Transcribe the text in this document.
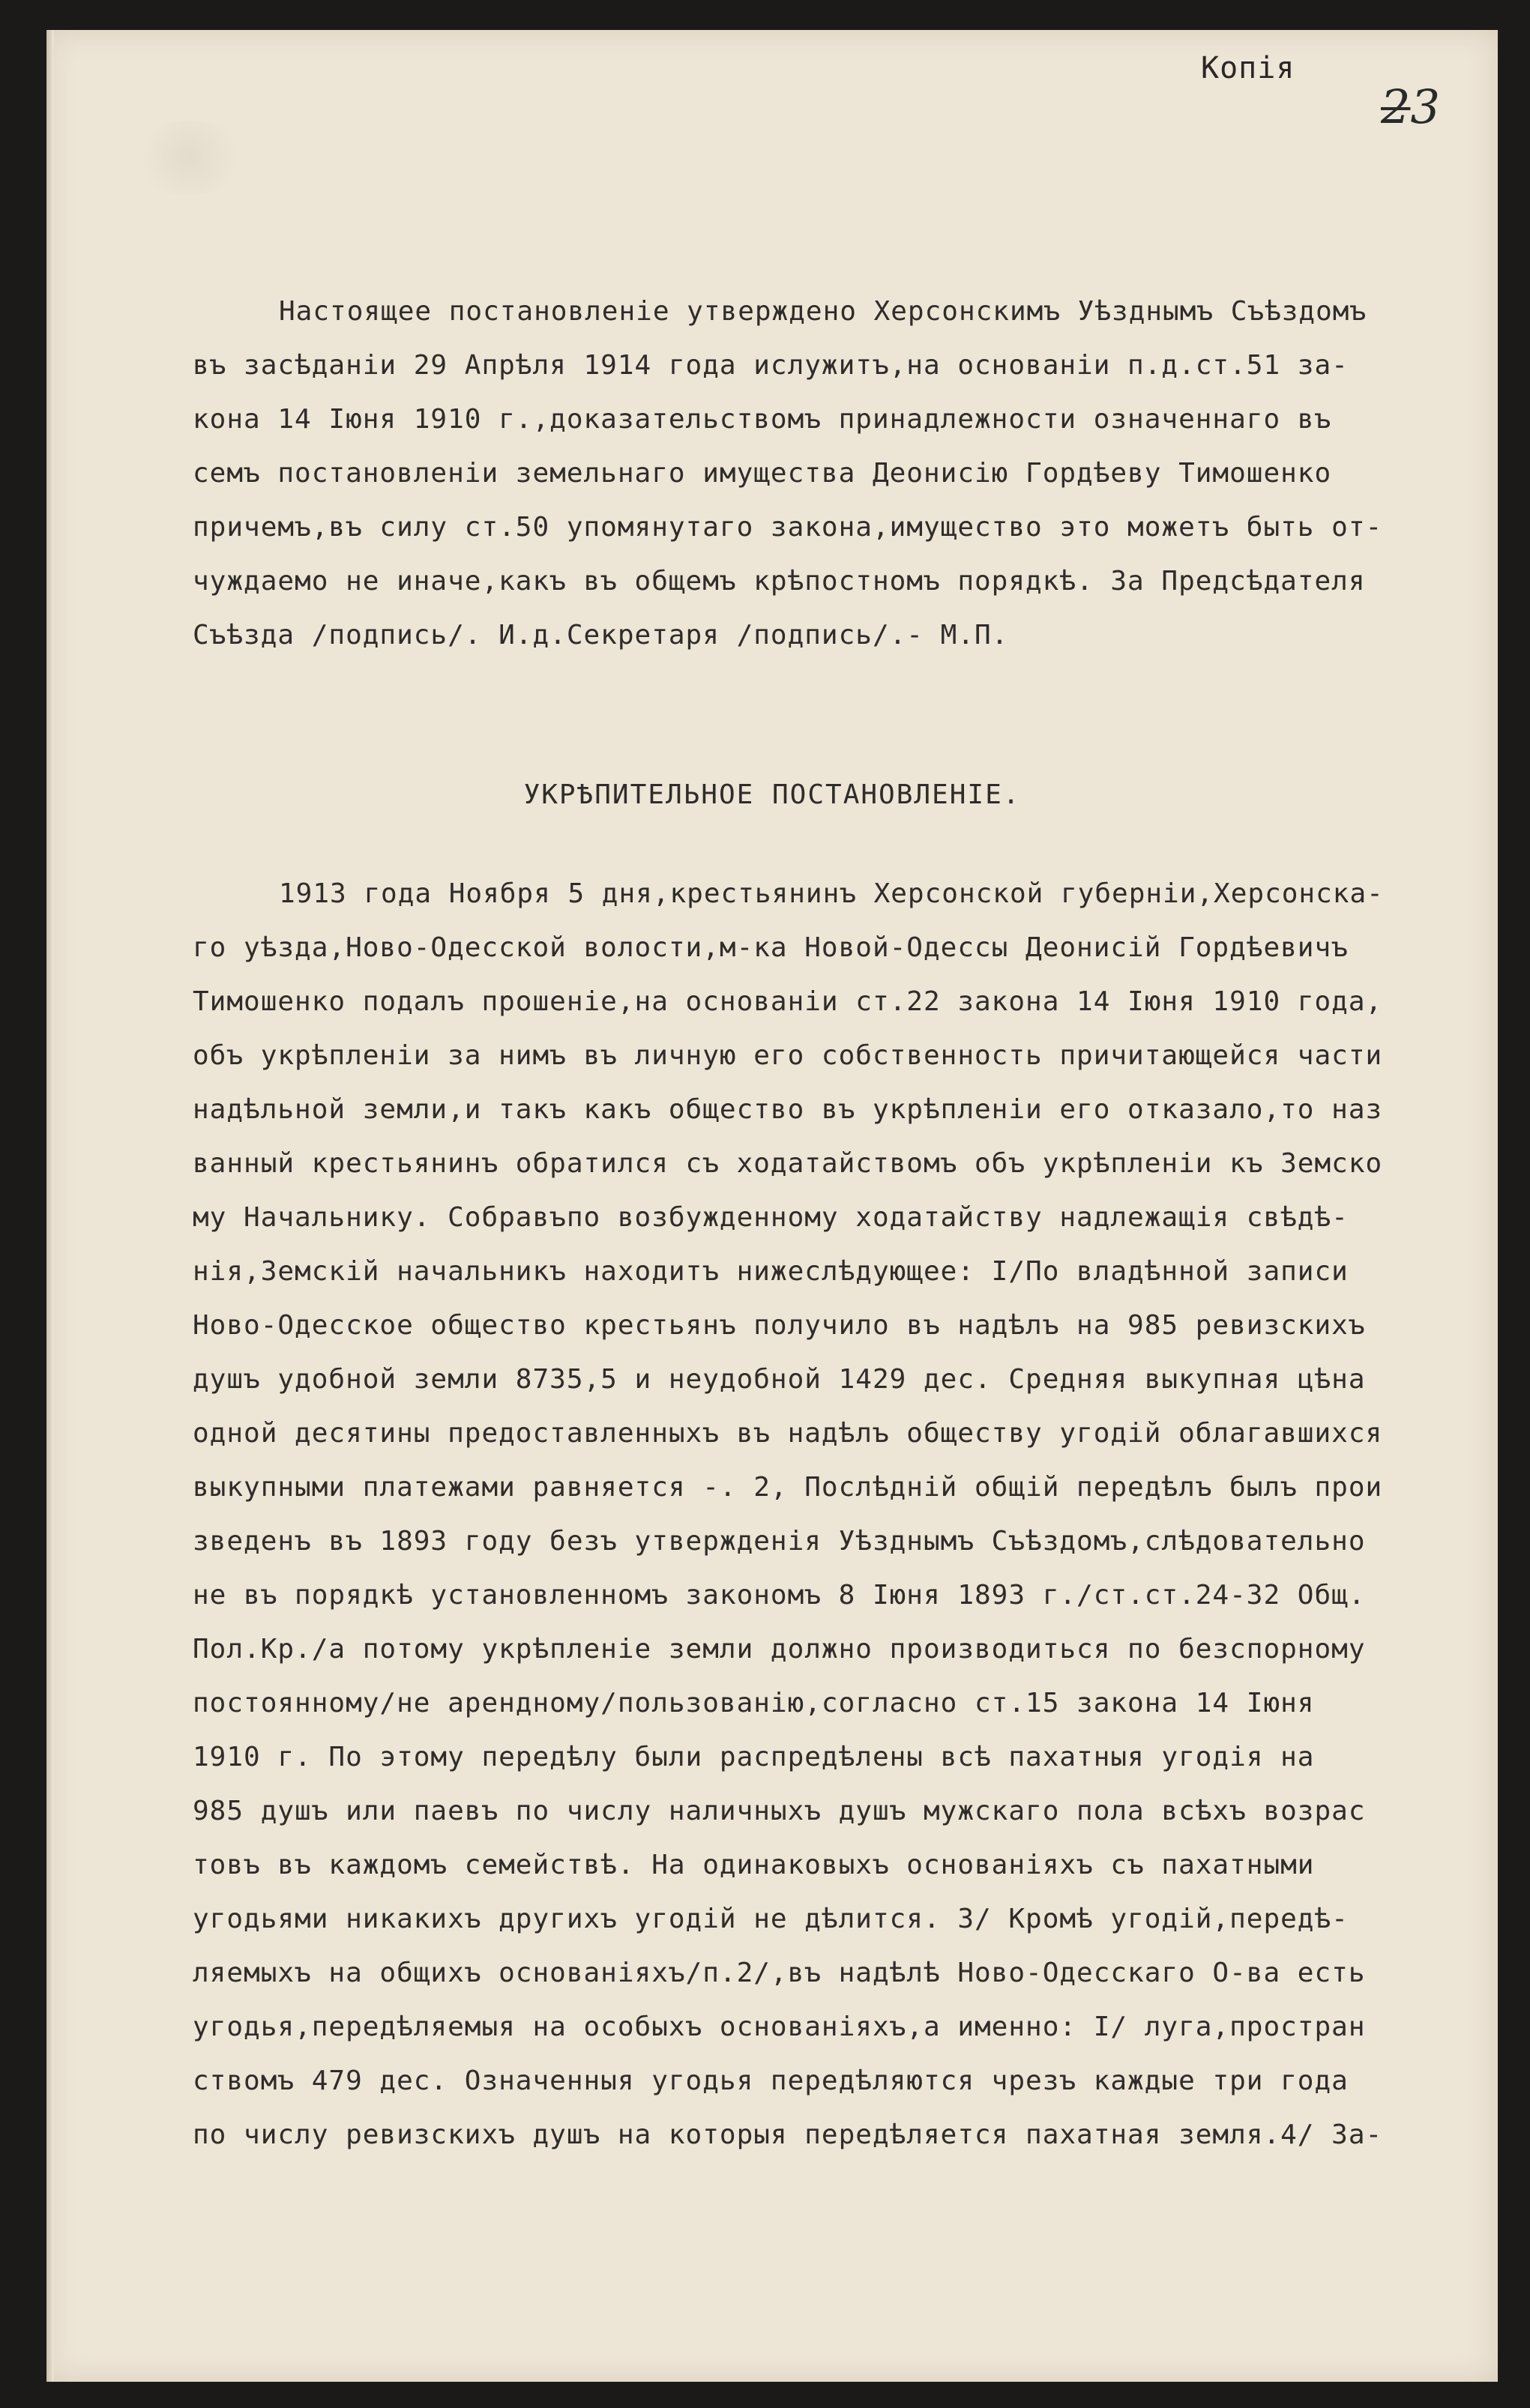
Копія
23
Настоящее постановленіе утверждено Херсонскимъ Уѣзднымъ Съѣздомъ
въ засѣданіи 29 Апрѣля 1914 года ислужитъ,на основаніи п.д.ст.51 за-
кона 14 Іюня 1910 г.,доказательствомъ принадлежности означеннаго въ
семъ постановленіи земельнаго имущества Деонисію Гордѣеву Тимошенко
причемъ,въ силу ст.50 упомянутаго закона,имущество это можетъ быть от-
чуждаемо не иначе,какъ въ общемъ крѣпостномъ порядкѣ. За Предсѣдателя
Съѣзда /подпись/. И.д.Секретаря /подпись/.- М.П.
УКРѢПИТЕЛЬНОЕ ПОСТАНОВЛЕНІЕ.
1913 года Ноября 5 дня,крестьянинъ Херсонской губерніи,Херсонска-
го уѣзда,Ново-Одесской волости,м-ка Новой-Одессы Деонисій Гордѣевичъ
Тимошенко подалъ прошеніе,на основаніи ст.22 закона 14 Іюня 1910 года,
объ укрѣпленіи за нимъ въ личную его собственность причитающейся части
надѣльной земли,и такъ какъ общество въ укрѣпленіи его отказало,то наз
ванный крестьянинъ обратился съ ходатайствомъ объ укрѣпленіи къ Земско
му Начальнику. Собравъпо возбужденному ходатайству надлежащія свѣдѣ-
нія,Земскій начальникъ находитъ нижеслѣдующее: І/По владѣнной записи
Ново-Одесское общество крестьянъ получило въ надѣлъ на 985 ревизскихъ
душъ удобной земли 8735,5 и неудобной 1429 дес. Средняя выкупная цѣна
одной десятины предоставленныхъ въ надѣлъ обществу угодій облагавшихся
выкупными платежами равняется -. 2, Послѣдній общій передѣлъ былъ прои
зведенъ въ 1893 году безъ утвержденія Уѣзднымъ Съѣздомъ,слѣдовательно
не въ порядкѣ установленномъ закономъ 8 Іюня 1893 г./ст.ст.24-32 Общ.
Пол.Кр./а потому укрѣпленіе земли должно производиться по безспорному
постоянному/не арендному/пользованію,согласно ст.15 закона 14 Іюня
1910 г. По этому передѣлу были распредѣлены всѣ пахатныя угодія на
985 душъ или паевъ по числу наличныхъ душъ мужскаго пола всѣхъ возрас
товъ въ каждомъ семействѣ. На одинаковыхъ основаніяхъ съ пахатными
угодьями никакихъ другихъ угодій не дѣлится. 3/ Кромѣ угодій,передѣ-
ляемыхъ на общихъ основаніяхъ/п.2/,въ надѣлѣ Ново-Одесскаго О-ва есть
угодья,передѣляемыя на особыхъ основаніяхъ,а именно: І/ луга,простран
ствомъ 479 дес. Означенныя угодья передѣляются чрезъ каждые три года
по числу ревизскихъ душъ на которыя передѣляется пахатная земля.4/ За-
